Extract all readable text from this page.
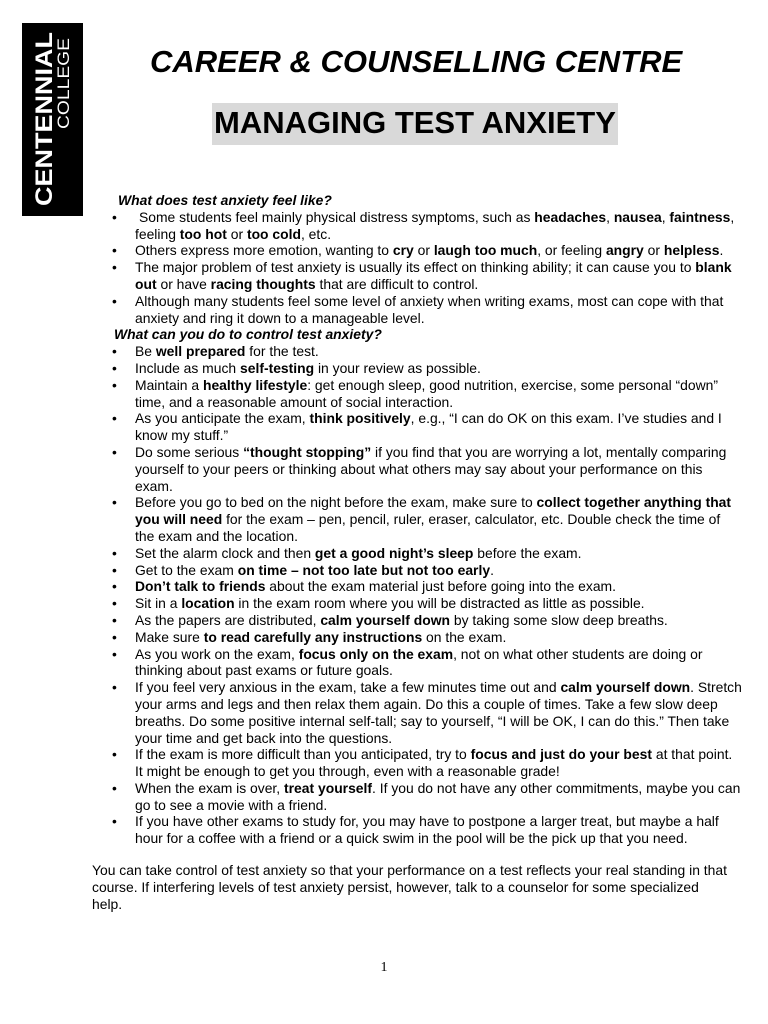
CENTENNIAL
COLLEGE CAREER & COUNSELLING CENTRE
MANAGING TEST ANXIETY

What does test anxiety feel like?

• Some students feel mainly physical distress symptoms, such as headaches, nausea, faintness, feeling too hot or too cold, etc.
• Others express more emotion, wanting to cry or laugh too much, or feeling angry or helpless.
• The major problem of test anxiety is usually its effect on thinking ability; it can cause you to blank out or have racing thoughts that are difficult to control.
• Although many students feel some level of anxiety when writing exams, most can cope with that anxiety and ring it down to a manageable level.

What can you do to control test anxiety?

• Be well prepared for the test.
• Include as much self-testing in your review as possible.
• Maintain a healthy lifestyle: get enough sleep, good nutrition, exercise, some personal “down” time, and a reasonable amount of social interaction.
• As you anticipate the exam, think positively, e.g., “I can do OK on this exam. I’ve studies and I know my stuff.”
• Do some serious “thought stopping” if you find that you are worrying a lot, mentally comparing yourself to your peers or thinking about what others may say about your performance on this exam.
• Before you go to bed on the night before the exam, make sure to collect together anything that you will need for the exam – pen, pencil, ruler, eraser, calculator, etc. Double check the time of the exam and the location.
• Set the alarm clock and then get a good night’s sleep before the exam.
• Get to the exam on time – not too late but not too early.
• Don’t talk to friends about the exam material just before going into the exam.
• Sit in a location in the exam room where you will be distracted as little as possible.
• As the papers are distributed, calm yourself down by taking some slow deep breaths.
• Make sure to read carefully any instructions on the exam.
• As you work on the exam, focus only on the exam, not on what other students are doing or thinking about past exams or future goals.
• If you feel very anxious in the exam, take a few minutes time out and calm yourself down. Stretch your arms and legs and then relax them again. Do this a couple of times. Take a few slow deep breaths. Do some positive internal self-tall; say to yourself, “I will be OK, I can do this.” Then take your time and get back into the questions.
• If the exam is more difficult than you anticipated, try to focus and just do your best at that point. It might be enough to get you through, even with a reasonable grade!
• When the exam is over, treat yourself. If you do not have any other commitments, maybe you can go to see a movie with a friend.
• If you have other exams to study for, you may have to postpone a larger treat, but maybe a half hour for a coffee with a friend or a quick swim in the pool will be the pick up that you need.

You can take control of test anxiety so that your performance on a test reflects your real standing in that course. If interfering levels of test anxiety persist, however, talk to a counselor for some specialized help.

1
